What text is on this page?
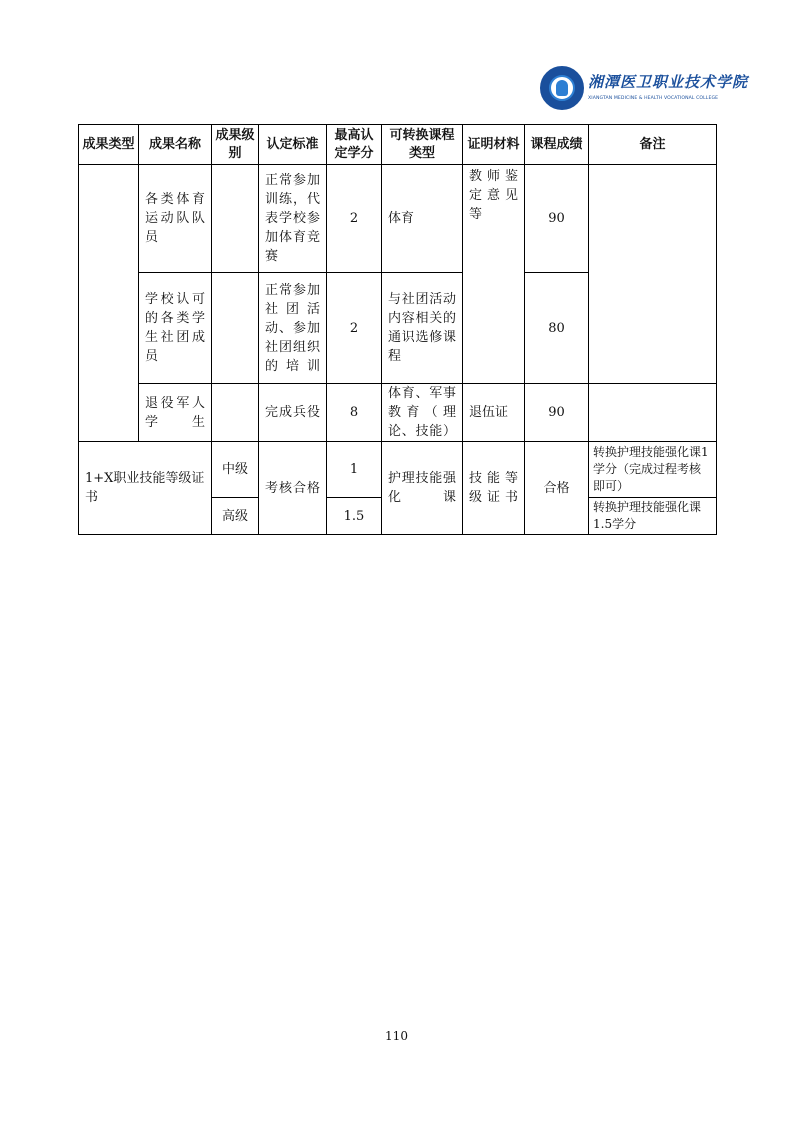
湘潭医卫职业技术学院
XIANGTAN MEDICINE & HEALTH VOCATIONAL COLLEGE
成果类型	成果名称	成果级别	认定标准	最高认定学分	可转换课程类型	证明材料	课程成绩	备注
	各类体育运动队队员		正常参加训练，代表学校参加体育竞赛	2	体育	教师鉴定意见等	90	
	学校认可的各类学生社团成员		正常参加社团活动、参加社团组织的培训	2	与社团活动内容相关的通识选修课程		80	
	退役军人学生		完成兵役	8	体育、军事教育（理论、技能）	退伍证	90	
1+X职业技能等级证书		中级	考核合格	1	护理技能强化课	技能等级证书	合格	转换护理技能强化课1学分（完成过程考核即可）
		高级		1.5				转换护理技能强化课1.5学分
110
